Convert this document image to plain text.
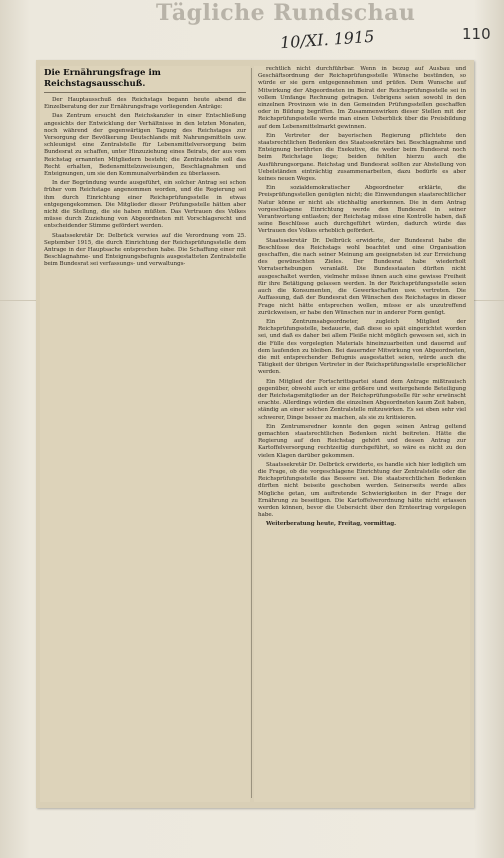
Tägliche Rundschau
10/XI. 1915	110
Die Ernährungsfrage im Reichstagsausschuß.

Der Hauptausschuß des Reichstags begann heute abend die Einzelberatung der zur Ernährungsfrage vorliegenden Anträge:

Das Zentrum ersucht den Reichskanzler in einer Entschließung angesichts der Entwicklung der Verhältnisse in den letzten Monaten, noch während der gegenwärtigen Tagung des Reichstages zur Versorgung der Bevölkerung Deutschlands mit Nahrungsmitteln usw. schleunigst eine Zentralstelle für Lebensmittelversorgung beim Bundesrat zu schaffen, unter Hinzuziehung eines Beirats, der aus vom Reichstag ernannten Mitgliedern besteht; die Zentralstelle soll das Recht erhalten, Bedensmittelzuweisungen, Beschlagnahmen und Enteignungen, um sie den Kommunalverbänden zu überlassen.

In der Begründung wurde ausgeführt, ein solcher Antrag sei schon früher vom Reichstage angenommen worden, und die Regierung sei ihm durch Einrichtung einer Reichsprüfungsstelle in etwas entgegengekommen. Die Mitglieder dieser Prüfungsstelle hätten aber nicht die Stellung, die sie haben müßten. Das Vertrauen des Volkes müsse durch Zuziehung von Abgeordneten mit Vorschlagsrecht und entscheidender Stimme gefördert werden.

Staatssekretär Dr. Delbrück verwies auf die Verordnung vom 25. September 1915, die durch Einrichtung der Reichsprüfungsstelle dem Antrage in der Hauptsache entsprochen habe. Die Schaffung einer mit Beschlagnahme- und Enteignungsbefugnis ausgestatteten Zentralstelle beim Bundesrat sei verfassungs- und verwaltungs-

rechtlich nicht durchführbar. Wenn in bezug auf Ausbau und Geschäftsordnung der Reichsprüfungsstelle Wünsche bestünden, so würde er sie gern entgegennehmen und prüfen. Dem Wunsche auf Mitwirkung der Abgeordneten im Beirat der Reichsprüfungsstelle sei in vollem Umfange Rechnung getragen. Uebrigens seien sowohl in den einzelnen Provinzen wie in den Gemeinden Prüfungsstellen geschaffen oder in Bildung begriffen. Im Zusammenwirken dieser Stellen mit der Reichsprüfungsstelle werde man einen Ueberblick über die Preisbildung auf dem Lebensmittelmarkt gewinnen.

Ein Vertreter der bayerischen Regierung pflichtete den staatsrechtlichen Bedenken des Staatssekretärs bei. Beschlagnahme und Enteignung berührten die Exekutive, die weder beim Bundesrat noch beim Reichstage liege; beiden fehlten hierzu auch die Ausführungsorgane. Reichstag und Bundesrat sollten zur Abstellung von Uebelständen einträchtig zusammenarbeiten, dazu bedürfe es aber keines neuen Weges.

Ein sozialdemokratischer Abgeordneter erklärte, die Preisprüfungsstellen genügten nicht; die Einwendungen staatsrechtlicher Natur könne er nicht als stichhaltig anerkennen. Die in dem Antrag vorgeschlagene Einrichtung werde den Bundesrat in seiner Verantwortung entlasten; der Reichstag müsse eine Kontrolle haben, daß seine Beschlüsse auch durchgeführt würden, dadurch würde das Vertrauen des Volkes erheblich gefördert.

Staatssekretär Dr. Delbrück erwiderte, der Bundesrat habe die Beschlüsse des Reichstags wohl beachtet und eine Organisation geschaffen, die nach seiner Meinung am geeignetsten ist zur Erreichung des gewünschten Zieles. Der Bundesrat habe wiederholt Vorratserhebungen veranlaßt. Die Bundesstaaten dürften nicht ausgeschaltet werden, vielmehr müsse ihnen auch eine gewisse Freiheit für ihre Betätigung gelassen werden. In der Reichsprüfungsstelle seien auch die Konsumenten, die Gewerkschaften usw. vertreten. Die Auffassung, daß der Bundesrat den Wünschen des Reichstages in dieser Frage nicht hätte entsprechen wollen, müsse er als unzutreffend zurückweisen, er habe den Wünschen nur in anderer Form genügt.

Ein Zentrumsabgeordneter, zugleich Mitglied der Reichsprüfungsstelle, bedauerte, daß diese so spät eingerichtet worden sei, und daß es daher bei allem Fleiße nicht möglich gewesen sei, sich in die Fülle des vorgelegten Materials hineinzuarbeiten und dauernd auf dem laufenden zu bleiben. Bei dauernder Mitwirkung von Abgeordneten, die mit entsprechender Befugnis ausgestattet seien, würde auch die Tätigkeit der übrigen Vertreter in der Reichsprüfungsstelle ersprießlicher werden.

Ein Mitglied der Fortschrittspartei stand dem Antrage mißtrauisch gegenüber, obwohl auch er eine größere und weitergehende Beteiligung der Reichstagsmitglieder an der Reichsprüfungsstelle für sehr erwünscht erachte. Allerdings würden die einzelnen Abgeordneten kaum Zeit haben, ständig an einer solchen Zentralstelle mitzuwirken. Es sei eben sehr viel schwerer, Dinge besser zu machen, als sie zu kritisieren.

Ein Zentrumsredner konnte den gegen seinen Antrag geltend gemachten staatsrechtlichen Bedenken nicht beitreten. Hätte die Regierung auf den Reichstag gehört und dessen Antrag zur Kartoffelversorgung rechtzeitig durchgeführt, so wäre es nicht zu den vielen Klagen darüber gekommen.

Staatssekretär Dr. Delbrück erwiderte, es handle sich hier lediglich um die Frage, ob die vorgeschlagene Einrichtung der Zentralstelle oder die Reichsprüfungsstelle das Bessere sei. Die staatsrechtlichen Bedenken dürften nicht beiseite geschoben werden. Seinerseits werde alles Mögliche getan, um auftretende Schwierigkeiten in der Frage der Ernährung zu beseitigen. Die Kartoffelverordnung hätte nicht erlassen werden können, bevor die Uebersicht über den Ernteertrag vorgelegen habe.

Weiterberatung heute, Freitag, vormittag.
